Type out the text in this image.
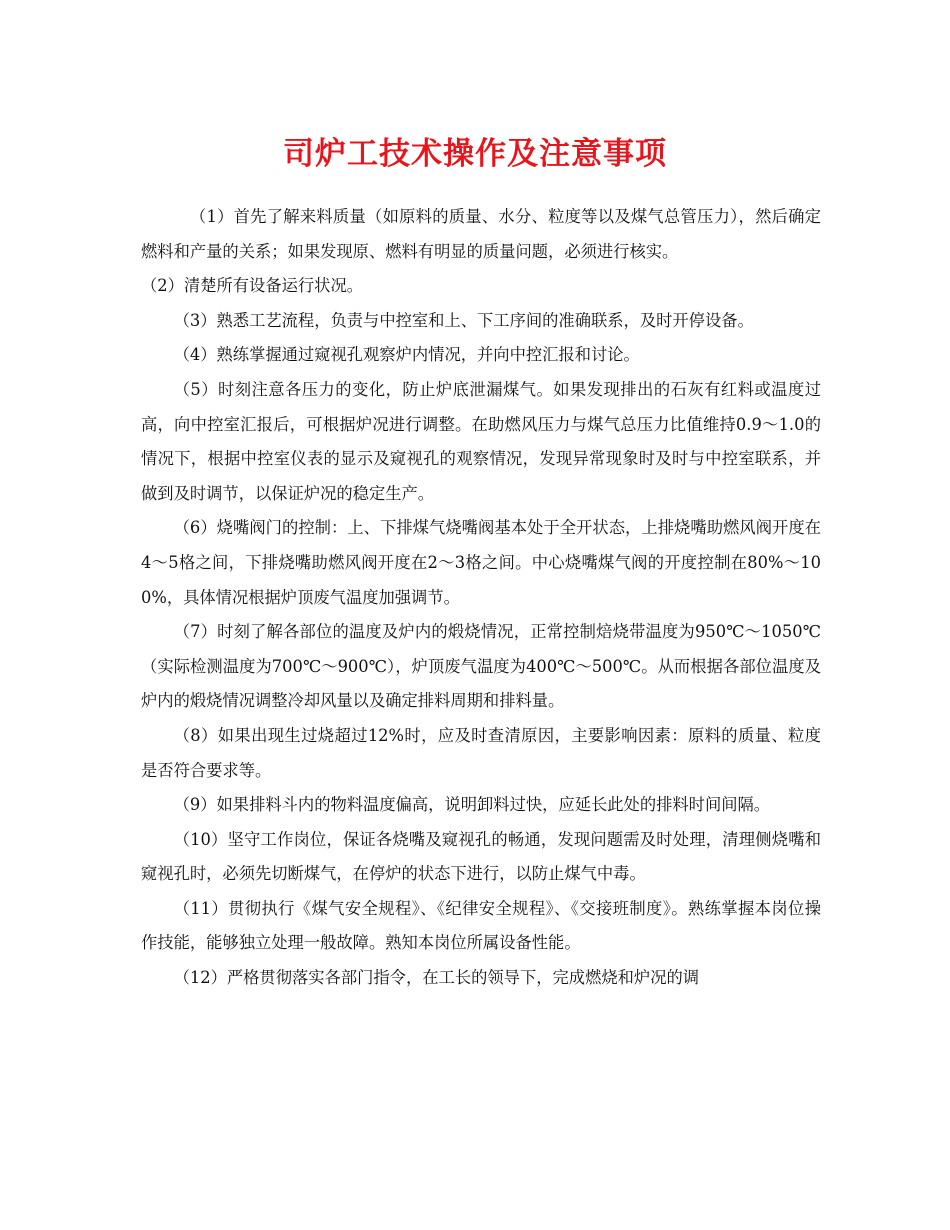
司炉工技术操作及注意事项

（1）首先了解来料质量（如原料的质量、水分、粒度等以及煤气总管压力），然后确定燃料和产量的关系；如果发现原、燃料有明显的质量问题，必须进行核实。

（2）清楚所有设备运行状况。

（3）熟悉工艺流程，负责与中控室和上、下工序间的准确联系，及时开停设备。

（4）熟练掌握通过窥视孔观察炉内情况，并向中控汇报和讨论。

（5）时刻注意各压力的变化，防止炉底泄漏煤气。如果发现排出的石灰有红料或温度过高，向中控室汇报后，可根据炉况进行调整。在助燃风压力与煤气总压力比值维持0.9～1.0的情况下，根据中控室仪表的显示及窥视孔的观察情况，发现异常现象时及时与中控室联系，并做到及时调节，以保证炉况的稳定生产。

（6）烧嘴阀门的控制：上、下排煤气烧嘴阀基本处于全开状态，上排烧嘴助燃风阀开度在4～5格之间，下排烧嘴助燃风阀开度在2～3格之间。中心烧嘴煤气阀的开度控制在80%～100%，具体情况根据炉顶废气温度加强调节。

（7）时刻了解各部位的温度及炉内的煅烧情况，正常控制焙烧带温度为950℃～1050℃（实际检测温度为700℃～900℃），炉顶废气温度为400℃～500℃。从而根据各部位温度及炉内的煅烧情况调整冷却风量以及确定排料周期和排料量。

（8）如果出现生过烧超过12%时，应及时查清原因，主要影响因素：原料的质量、粒度是否符合要求等。

（9）如果排料斗内的物料温度偏高，说明卸料过快，应延长此处的排料时间间隔。

（10）坚守工作岗位，保证各烧嘴及窥视孔的畅通，发现问题需及时处理，清理侧烧嘴和窥视孔时，必须先切断煤气，在停炉的状态下进行，以防止煤气中毒。

（11）贯彻执行《煤气安全规程》、《纪律安全规程》、《交接班制度》。熟练掌握本岗位操作技能，能够独立处理一般故障。熟知本岗位所属设备性能。

（12）严格贯彻落实各部门指令，在工长的领导下，完成燃烧和炉况的调
